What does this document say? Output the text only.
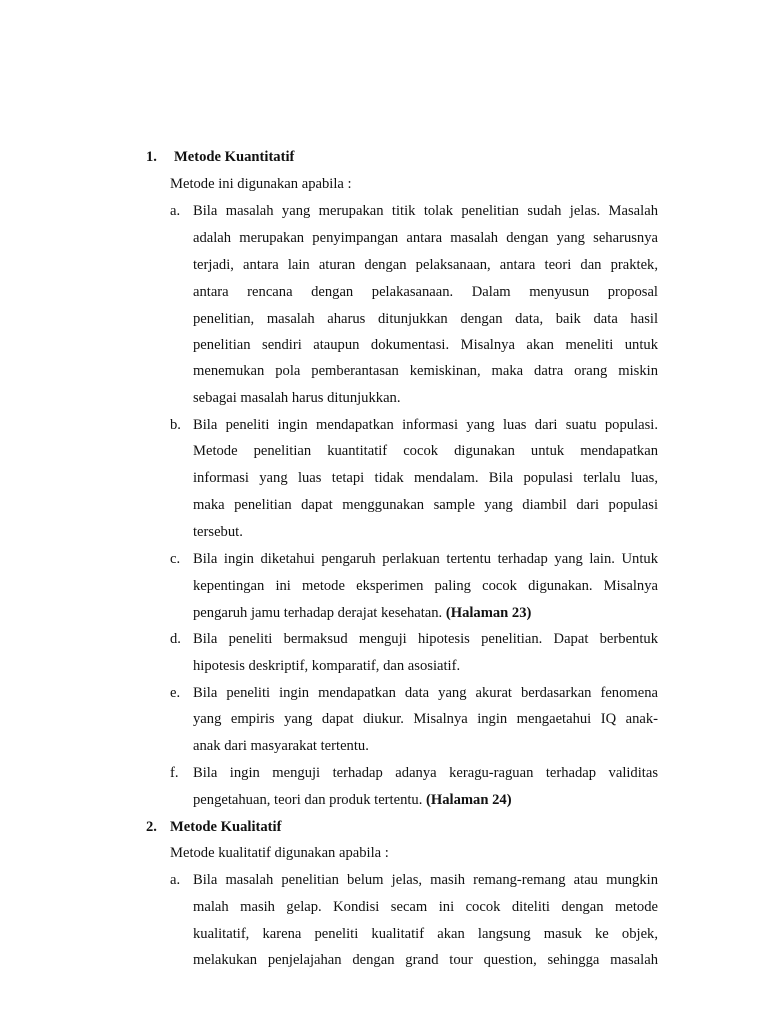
1. Metode Kuantitatif
Metode ini digunakan apabila :
a. Bila masalah yang merupakan titik tolak penelitian sudah jelas. Masalah
adalah merupakan penyimpangan antara masalah dengan yang seharusnya
terjadi, antara lain aturan dengan pelaksanaan, antara teori dan praktek,
antara rencana dengan pelakasanaan. Dalam menyusun proposal
penelitian, masalah aharus ditunjukkan dengan data, baik data hasil
penelitian sendiri ataupun dokumentasi. Misalnya akan meneliti untuk
menemukan pola pemberantasan kemiskinan, maka datra orang miskin
sebagai masalah harus ditunjukkan.
b. Bila peneliti ingin mendapatkan informasi yang luas dari suatu populasi.
Metode penelitian kuantitatif cocok digunakan untuk mendapatkan
informasi yang luas tetapi tidak mendalam. Bila populasi terlalu luas,
maka penelitian dapat menggunakan sample yang diambil dari populasi
tersebut.
c. Bila ingin diketahui pengaruh perlakuan tertentu terhadap yang lain. Untuk
kepentingan ini metode eksperimen paling cocok digunakan. Misalnya
pengaruh jamu terhadap derajat kesehatan. (Halaman 23)
d. Bila peneliti bermaksud menguji hipotesis penelitian. Dapat berbentuk
hipotesis deskriptif, komparatif, dan asosiatif.
e. Bila peneliti ingin mendapatkan data yang akurat berdasarkan fenomena
yang empiris yang dapat diukur. Misalnya ingin mengaetahui IQ anak-
anak dari masyarakat tertentu.
f. Bila ingin menguji terhadap adanya keragu-raguan terhadap validitas
pengetahuan, teori dan produk tertentu. (Halaman 24)
2. Metode Kualitatif
Metode kualitatif digunakan apabila :
a. Bila masalah penelitian belum jelas, masih remang-remang atau mungkin
malah masih gelap. Kondisi secam ini cocok diteliti dengan metode
kualitatif, karena peneliti kualitatif akan langsung masuk ke objek,
melakukan penjelajahan dengan grand tour question, sehingga masalah
